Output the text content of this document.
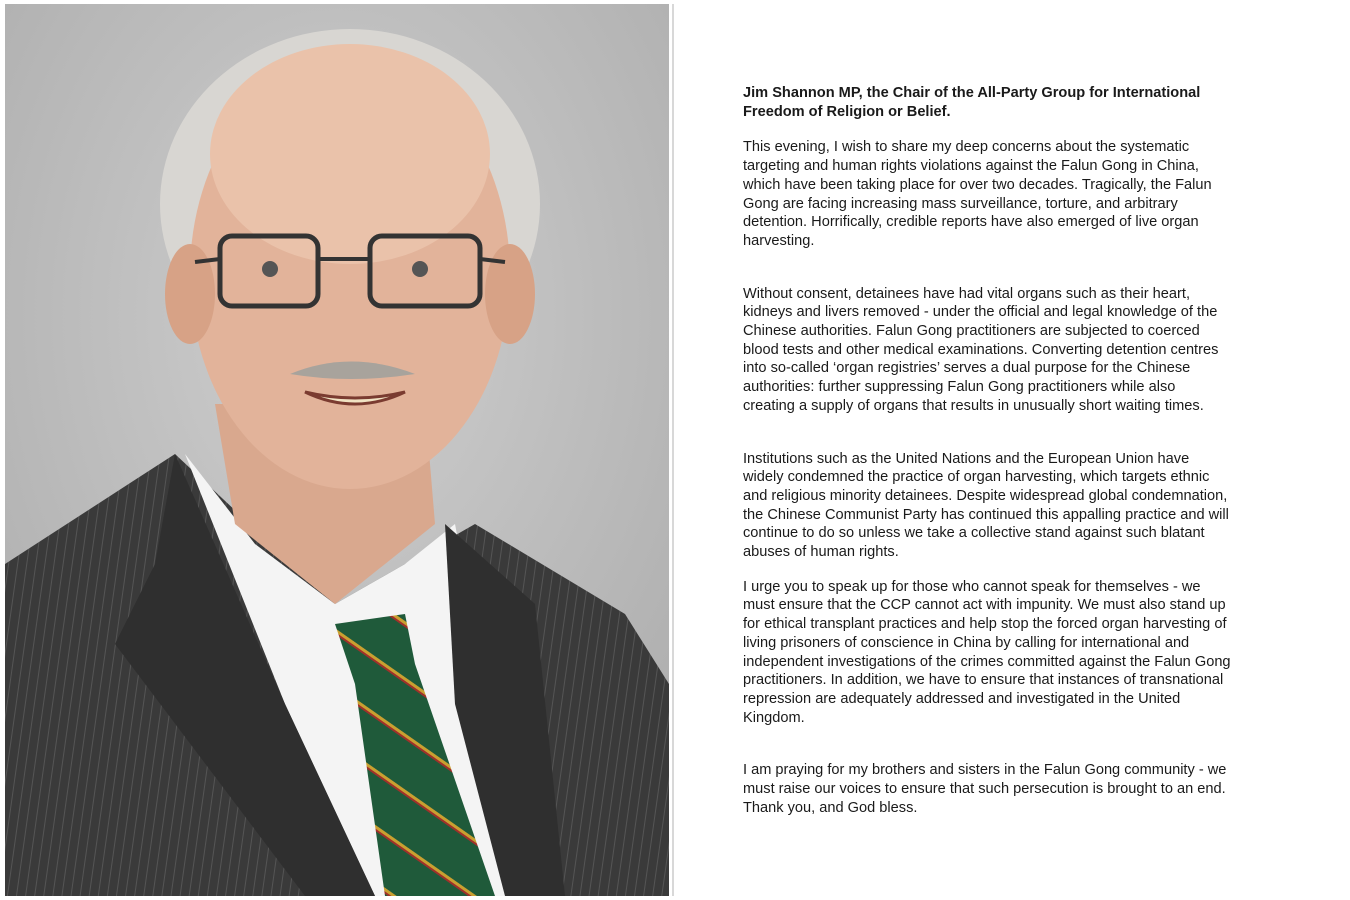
Jim Shannon MP, the Chair of the All-Party Group for International
Freedom of Religion or Belief.
This evening, I wish to share my deep concerns about the systematic
targeting and human rights violations against the Falun Gong in China,
which have been taking place for over two decades. Tragically, the Falun
Gong are facing increasing mass surveillance, torture, and arbitrary
detention. Horrifically, credible reports have also emerged of live organ
harvesting.
Without consent, detainees have had vital organs such as their heart,
kidneys and livers removed - under the official and legal knowledge of the
Chinese authorities. Falun Gong practitioners are subjected to coerced
blood tests and other medical examinations. Converting detention centres
into so-called ‘organ registries’ serves a dual purpose for the Chinese
authorities: further suppressing Falun Gong practitioners while also
creating a supply of organs that results in unusually short waiting times.
Institutions such as the United Nations and the European Union have
widely condemned the practice of organ harvesting, which targets ethnic
and religious minority detainees. Despite widespread global condemnation,
the Chinese Communist Party has continued this appalling practice and will
continue to do so unless we take a collective stand against such blatant
abuses of human rights.
I urge you to speak up for those who cannot speak for themselves - we
must ensure that the CCP cannot act with impunity. We must also stand up
for ethical transplant practices and help stop the forced organ harvesting of
living prisoners of conscience in China by calling for international and
independent investigations of the crimes committed against the Falun Gong
practitioners. In addition, we have to ensure that instances of transnational
repression are adequately addressed and investigated in the United
Kingdom.
I am praying for my brothers and sisters in the Falun Gong community - we
must raise our voices to ensure that such persecution is brought to an end.
Thank you, and God bless.
